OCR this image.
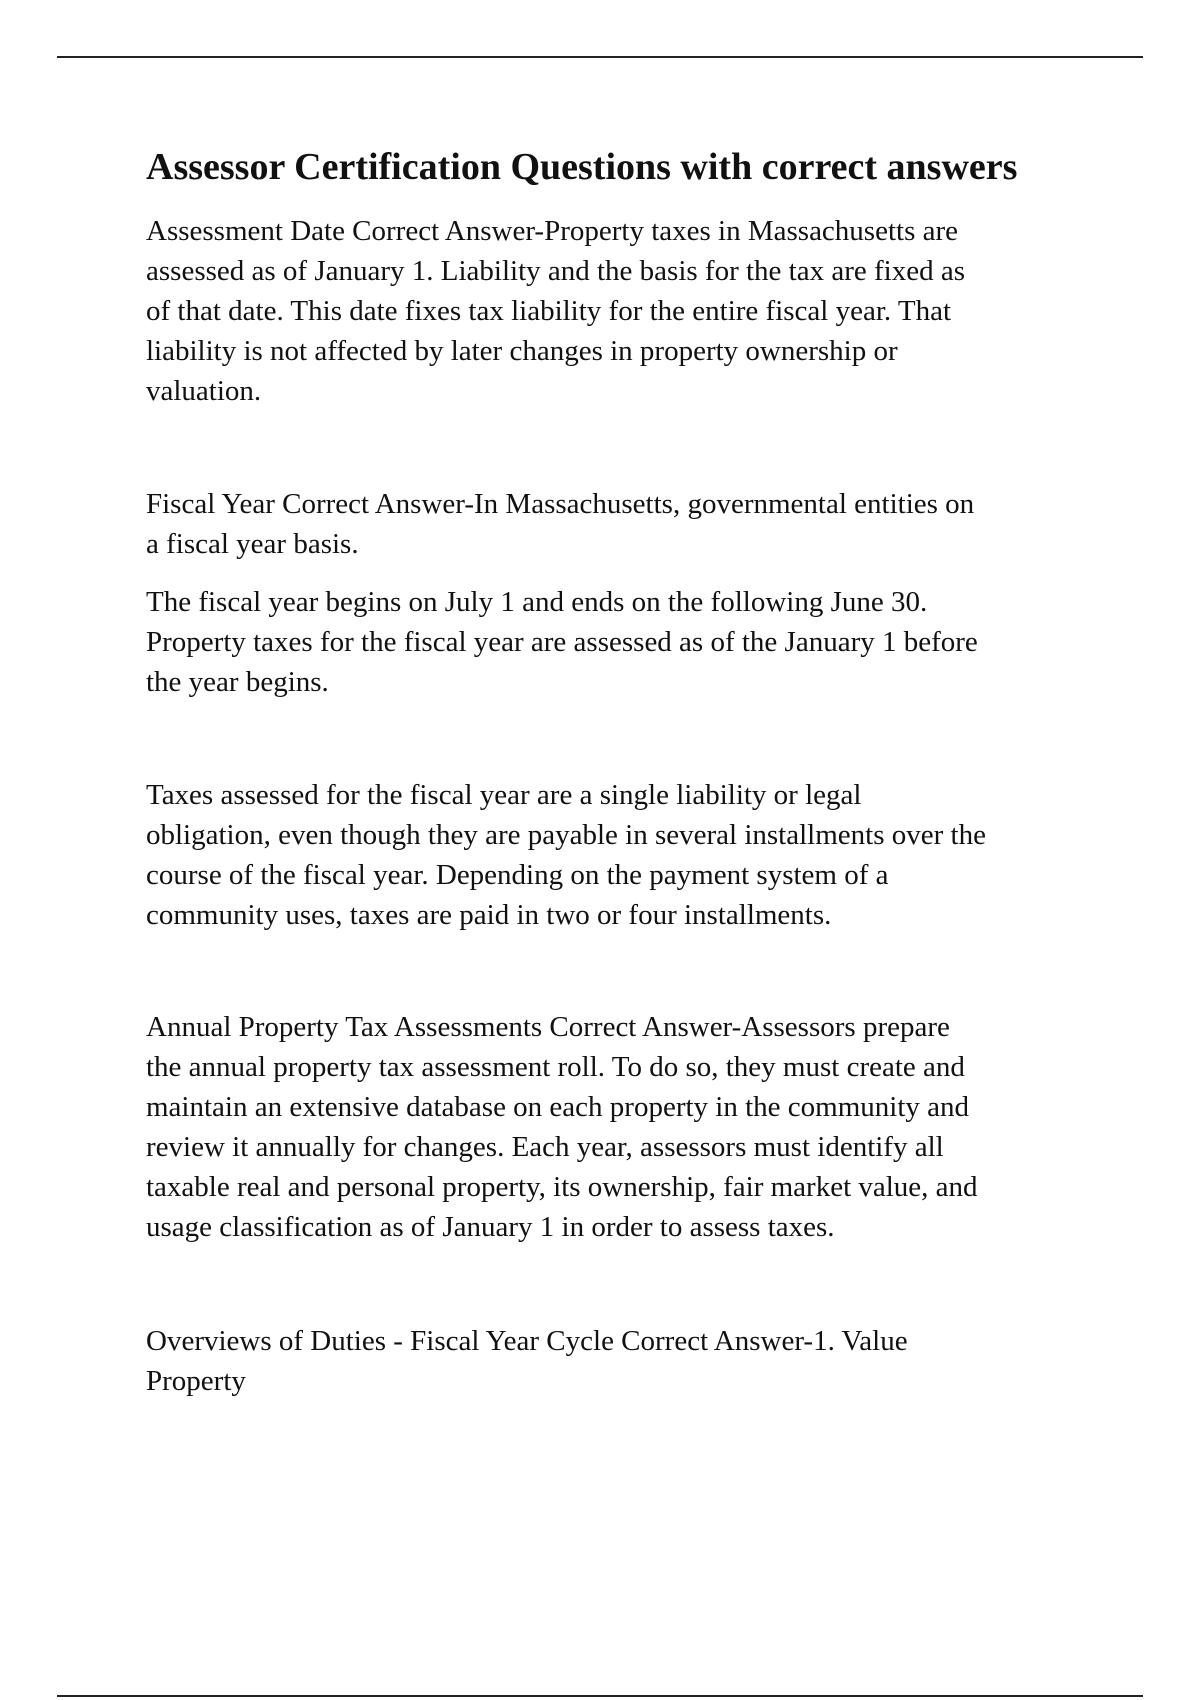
Assessor Certification Questions with correct answers

Assessment Date Correct Answer-Property taxes in Massachusetts are
assessed as of January 1. Liability and the basis for the tax are fixed as
of that date. This date fixes tax liability for the entire fiscal year. That
liability is not affected by later changes in property ownership or
valuation.

Fiscal Year Correct Answer-In Massachusetts, governmental entities on
a fiscal year basis.

The fiscal year begins on July 1 and ends on the following June 30.
Property taxes for the fiscal year are assessed as of the January 1 before
the year begins.

Taxes assessed for the fiscal year are a single liability or legal
obligation, even though they are payable in several installments over the
course of the fiscal year. Depending on the payment system of a
community uses, taxes are paid in two or four installments.

Annual Property Tax Assessments Correct Answer-Assessors prepare
the annual property tax assessment roll. To do so, they must create and
maintain an extensive database on each property in the community and
review it annually for changes. Each year, assessors must identify all
taxable real and personal property, its ownership, fair market value, and
usage classification as of January 1 in order to assess taxes.

Overviews of Duties - Fiscal Year Cycle Correct Answer-1. Value
Property
